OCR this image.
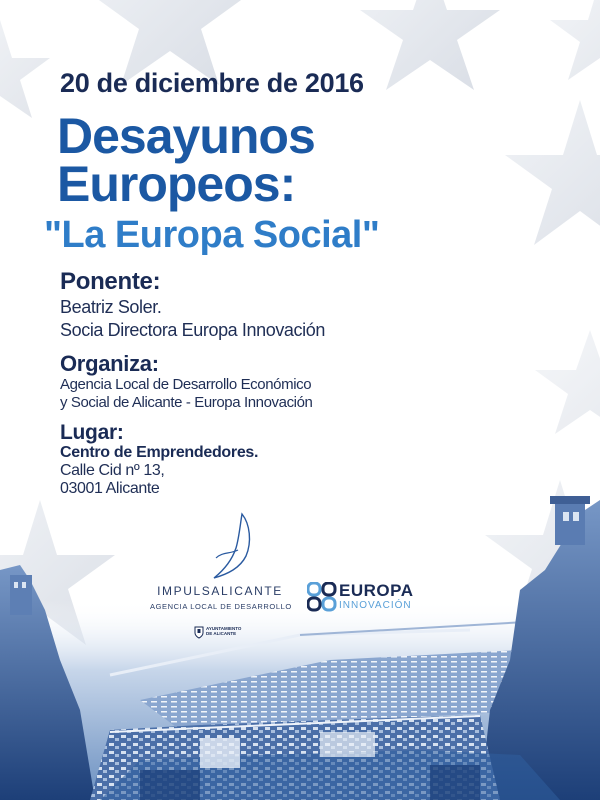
20 de diciembre de 2016
Desayunos
Europeos:
"La Europa Social"
Ponente:
Beatriz Soler.
Socia Directora Europa Innovación
Organiza:
Agencia Local de Desarrollo Económico
y Social de Alicante - Europa Innovación
Lugar:
Centro de Emprendedores.
Calle Cid nº 13,
03001 Alicante
IMPULSALICANTE
AGENCIA LOCAL DE DESARROLLO
EUROPA
INNOVACIÓN
AYUNTAMIENTO
DE ALICANTE
